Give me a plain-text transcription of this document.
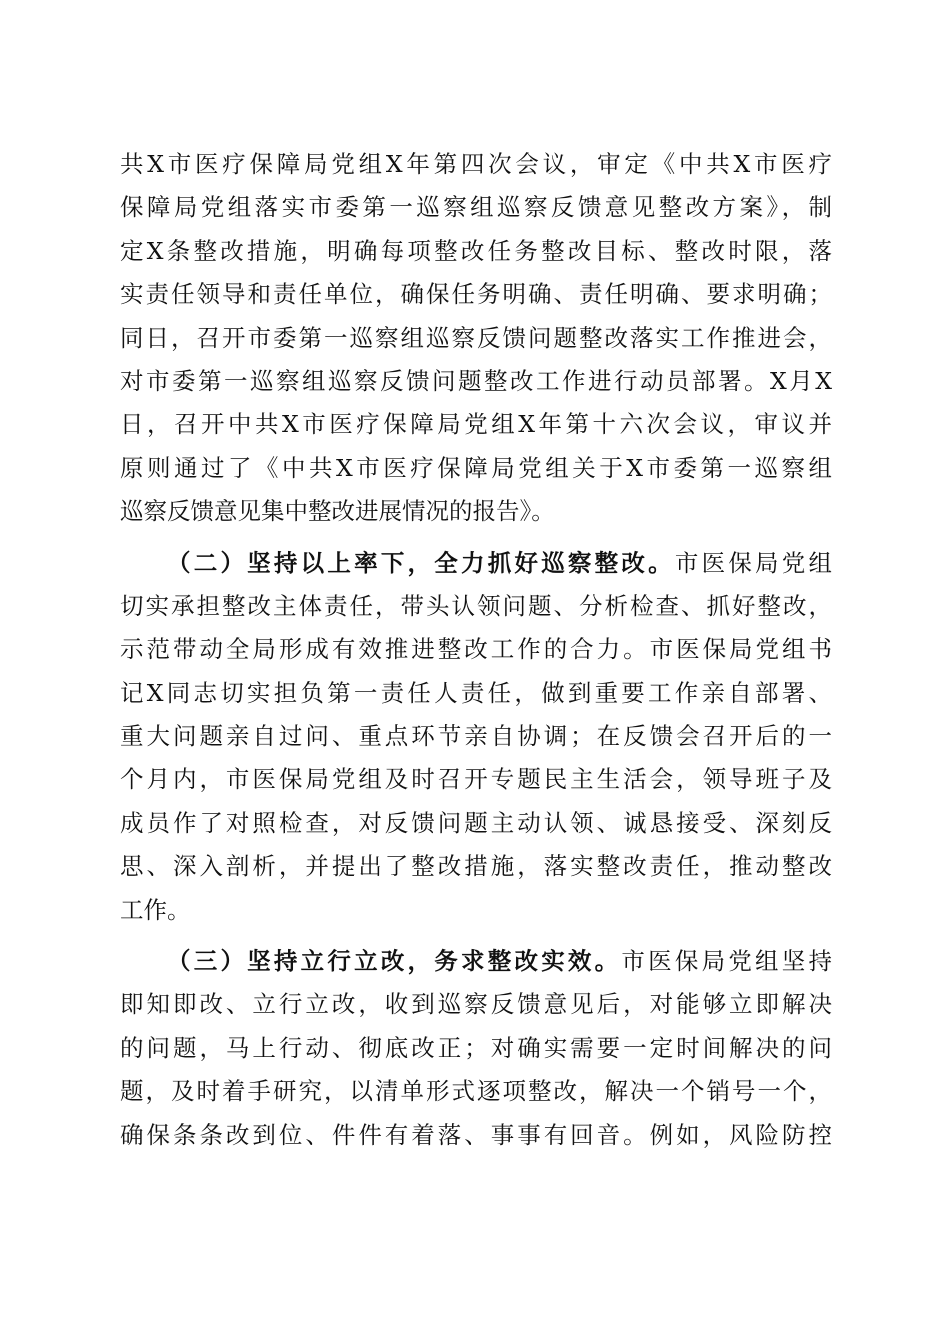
共X市医疗保障局党组X年第四次会议，审定《中共X市医疗
保障局党组落实市委第一巡察组巡察反馈意见整改方案》，制
定X条整改措施，明确每项整改任务整改目标、整改时限，落
实责任领导和责任单位，确保任务明确、责任明确、要求明确；
同日，召开市委第一巡察组巡察反馈问题整改落实工作推进会，
对市委第一巡察组巡察反馈问题整改工作进行动员部署。X月X
日，召开中共X市医疗保障局党组X年第十六次会议，审议并
原则通过了《中共X市医疗保障局党组关于X市委第一巡察组
巡察反馈意见集中整改进展情况的报告》。
（二）坚持以上率下，全力抓好巡察整改。市医保局党组
切实承担整改主体责任，带头认领问题、分析检查、抓好整改，
示范带动全局形成有效推进整改工作的合力。市医保局党组书
记X同志切实担负第一责任人责任，做到重要工作亲自部署、
重大问题亲自过问、重点环节亲自协调；在反馈会召开后的一
个月内，市医保局党组及时召开专题民主生活会，领导班子及
成员作了对照检查，对反馈问题主动认领、诚恳接受、深刻反
思、深入剖析，并提出了整改措施，落实整改责任，推动整改
工作。
（三）坚持立行立改，务求整改实效。市医保局党组坚持
即知即改、立行立改，收到巡察反馈意见后，对能够立即解决
的问题，马上行动、彻底改正；对确实需要一定时间解决的问
题，及时着手研究，以清单形式逐项整改，解决一个销号一个，
确保条条改到位、件件有着落、事事有回音。例如，风险防控
